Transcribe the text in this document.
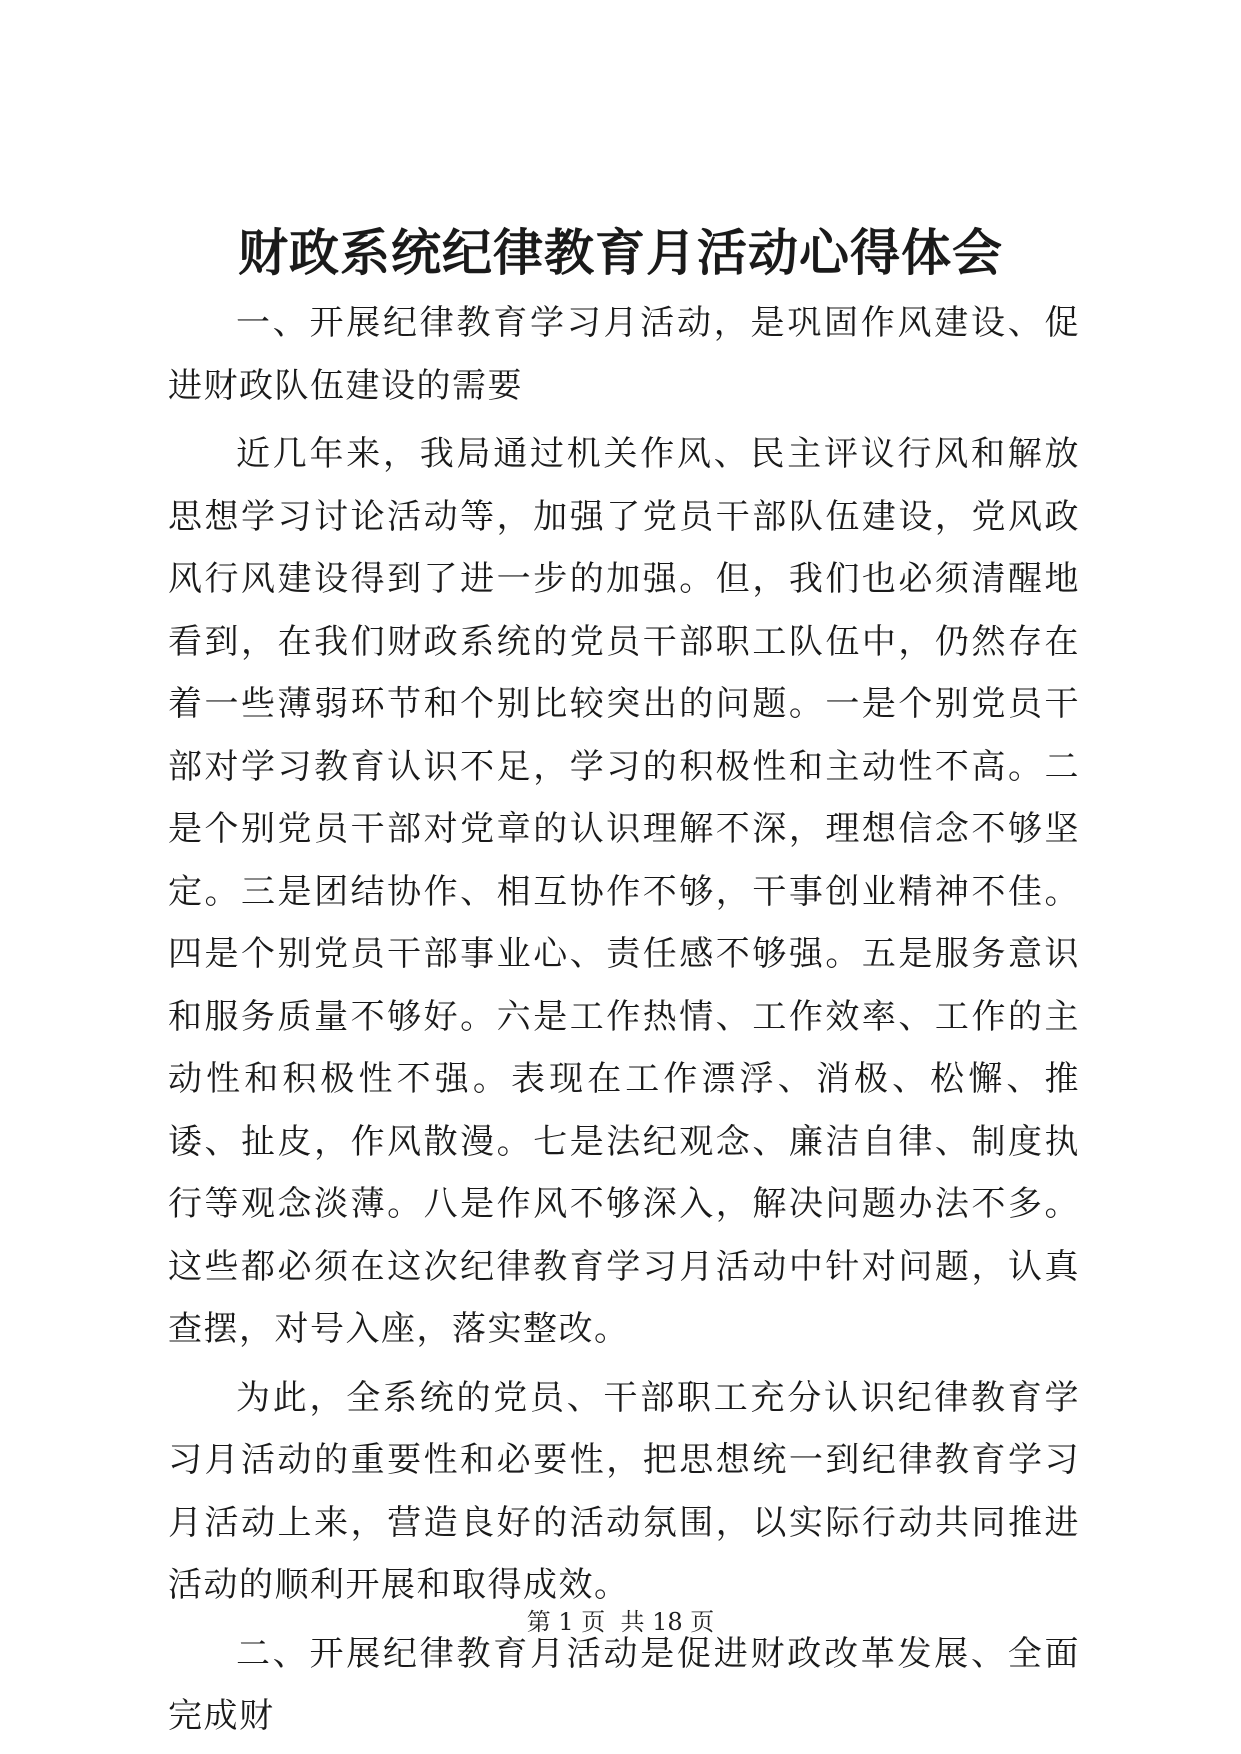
财政系统纪律教育月活动心得体会

一、开展纪律教育学习月活动，是巩固作风建设、促进财政队伍建设的需要

近几年来，我局通过机关作风、民主评议行风和解放思想学习讨论活动等，加强了党员干部队伍建设，党风政风行风建设得到了进一步的加强。但，我们也必须清醒地看到，在我们财政系统的党员干部职工队伍中，仍然存在着一些薄弱环节和个别比较突出的问题。一是个别党员干部对学习教育认识不足，学习的积极性和主动性不高。二是个别党员干部对党章的认识理解不深，理想信念不够坚定。三是团结协作、相互协作不够，干事创业精神不佳。四是个别党员干部事业心、责任感不够强。五是服务意识和服务质量不够好。六是工作热情、工作效率、工作的主动性和积极性不强。表现在工作漂浮、消极、松懈、推诿、扯皮，作风散漫。七是法纪观念、廉洁自律、制度执行等观念淡薄。八是作风不够深入，解决问题办法不多。这些都必须在这次纪律教育学习月活动中针对问题，认真查摆，对号入座，落实整改。

为此，全系统的党员、干部职工充分认识纪律教育学习月活动的重要性和必要性，把思想统一到纪律教育学习月活动上来，营造良好的活动氛围，以实际行动共同推进活动的顺利开展和取得成效。

二、开展纪律教育月活动是促进财政改革发展、全面完成财

第 1 页  共 18 页
